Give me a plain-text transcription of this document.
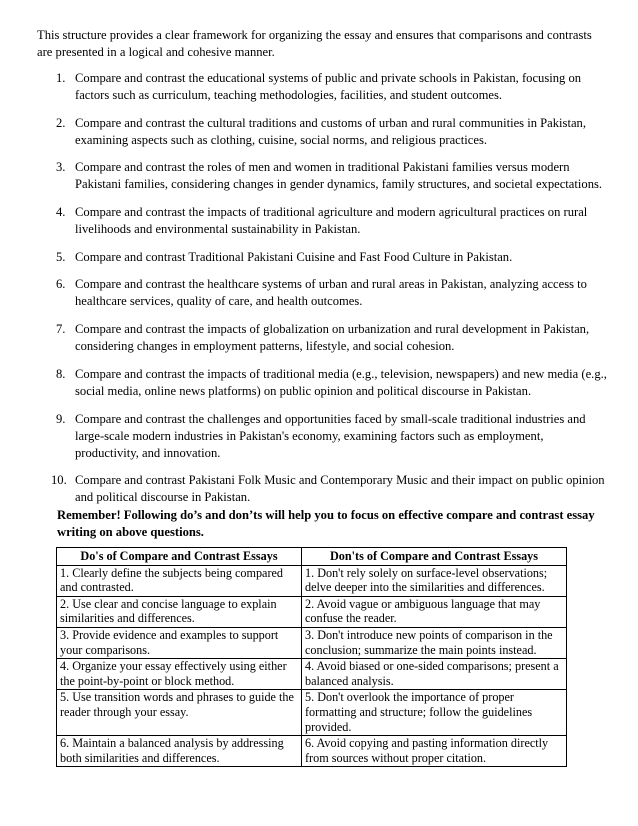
This structure provides a clear framework for organizing the essay and ensures that comparisons and contrasts are presented in a logical and cohesive manner.

1. Compare and contrast the educational systems of public and private schools in Pakistan, focusing on factors such as curriculum, teaching methodologies, facilities, and student outcomes.
2. Compare and contrast the cultural traditions and customs of urban and rural communities in Pakistan, examining aspects such as clothing, cuisine, social norms, and religious practices.
3. Compare and contrast the roles of men and women in traditional Pakistani families versus modern Pakistani families, considering changes in gender dynamics, family structures, and societal expectations.
4. Compare and contrast the impacts of traditional agriculture and modern agricultural practices on rural livelihoods and environmental sustainability in Pakistan.
5. Compare and contrast Traditional Pakistani Cuisine and Fast Food Culture in Pakistan.
6. Compare and contrast the healthcare systems of urban and rural areas in Pakistan, analyzing access to healthcare services, quality of care, and health outcomes.
7. Compare and contrast the impacts of globalization on urbanization and rural development in Pakistan, considering changes in employment patterns, lifestyle, and social cohesion.
8. Compare and contrast the impacts of traditional media (e.g., television, newspapers) and new media (e.g., social media, online news platforms) on public opinion and political discourse in Pakistan.
9. Compare and contrast the challenges and opportunities faced by small-scale traditional industries and large-scale modern industries in Pakistan's economy, examining factors such as employment, productivity, and innovation.
10. Compare and contrast Pakistani Folk Music and Contemporary Music and their impact on public opinion and political discourse in Pakistan.

Remember! Following do’s and don’ts will help you to focus on effective compare and contrast essay writing on above questions.

Do's of Compare and Contrast Essays	Don'ts of Compare and Contrast Essays
1. Clearly define the subjects being compared and contrasted.	1. Don't rely solely on surface-level observations; delve deeper into the similarities and differences.
2. Use clear and concise language to explain similarities and differences.	2. Avoid vague or ambiguous language that may confuse the reader.
3. Provide evidence and examples to support your comparisons.	3. Don't introduce new points of comparison in the conclusion; summarize the main points instead.
4. Organize your essay effectively using either the point-by-point or block method.	4. Avoid biased or one-sided comparisons; present a balanced analysis.
5. Use transition words and phrases to guide the reader through your essay.	5. Don't overlook the importance of proper formatting and structure; follow the guidelines provided.
6. Maintain a balanced analysis by addressing both similarities and differences.	6. Avoid copying and pasting information directly from sources without proper citation.
